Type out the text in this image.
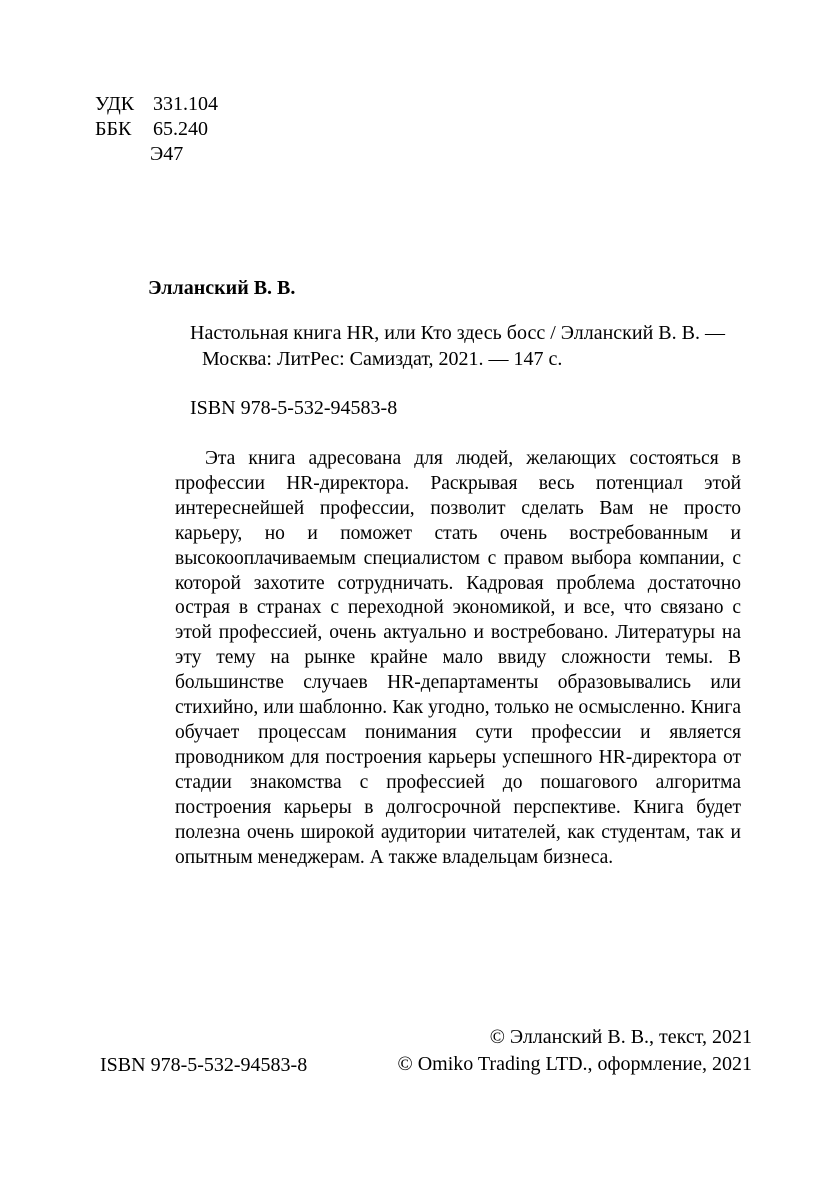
УДК 331.104
ББК 65.240
Э47
Элланский В. В.
Настольная книга HR, или Кто здесь босс / Элланский В. В. —
Москва: ЛитРес: Самиздат, 2021. — 147 с.
ISBN 978-5-532-94583-8
Эта книга адресована для людей, желающих состояться в профессии HR-директора. Раскрывая весь потенциал этой интереснейшей профессии, позволит сделать Вам не просто карьеру, но и поможет стать очень востребованным и высокооплачиваемым специалистом с правом выбора компании, с которой захотите сотрудничать. Кадровая проблема достаточно острая в странах с переходной экономикой, и все, что связано с этой профессией, очень актуально и востребовано. Литературы на эту тему на рынке крайне мало ввиду сложности темы. В большинстве случаев HR-департаменты образовывались или стихийно, или шаблонно. Как угодно, только не осмысленно. Книга обучает процессам понимания сути профессии и является проводником для построения карьеры успешного HR-директора от стадии знакомства с профессией до пошагового алгоритма построения карьеры в долгосрочной перспективе. Книга будет полезна очень широкой аудитории читателей, как студентам, так и опытным менеджерам. А также владельцам бизнеса.
ISBN 978-5-532-94583-8
© Элланский В. В., текст, 2021
© Omiko Trading LTD., оформление, 2021
